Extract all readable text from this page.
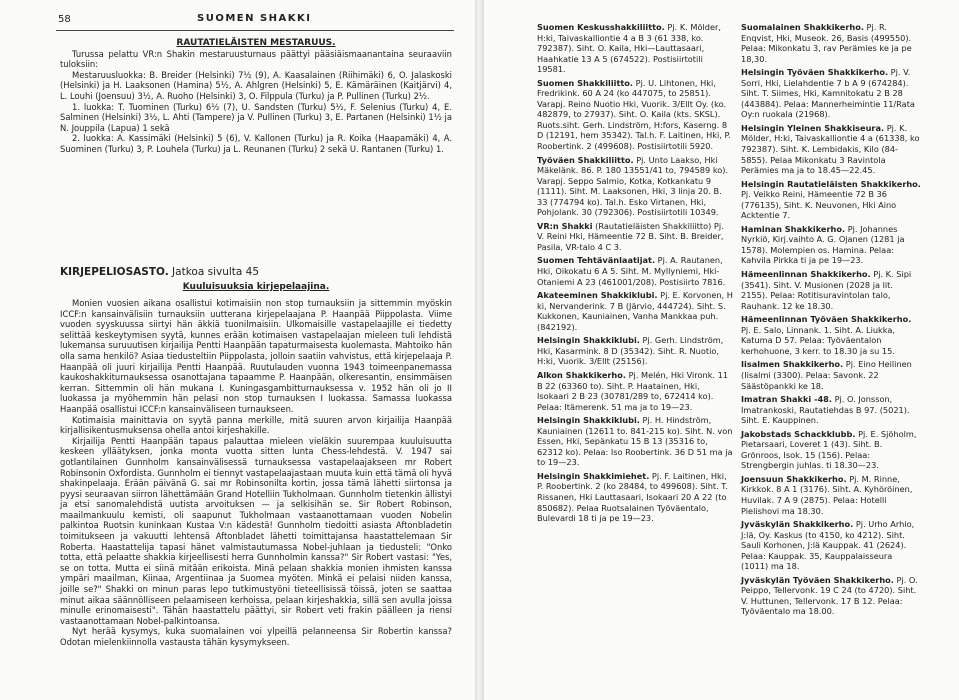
58	SUOMEN SHAKKI
RAUTATIELÄISTEN MESTARUUS.

Turussa pelattu VR:n Shakin mestaruusturnaus päättyi pääsiäismaanantaina seuraaviin tuloksiin:

Mestaruusluokka: B. Breider (Helsinki) 7½ (9), A. Kaasalainen (Riihimäki) 6, O. Jalaskoski (Helsinki) ja H. Laaksonen (Hamina) 5½, A. Ahlgren (Helsinki) 5, E. Kämäräinen (Kaitjärvi) 4, L. Louhi (Joensuu) 3½, A. Ruoho (Helsinki) 3, O. Filppula (Turku) ja P. Pullinen (Turku) 2½.

1. luokka: T. Tuominen (Turku) 6½ (7), U. Sandsten (Turku) 5½, F. Selenius (Turku) 4, E. Salminen (Helsinki) 3½, L. Ahti (Tampere) ja V. Pullinen (Turku) 3, E. Partanen (Helsinki) 1½ ja N. Jouppila (Lapua) 1 sekä

2. luokka: A. Kassimäki (Helsinki) 5 (6), V. Kallonen (Turku) ja R. Koika (Haapamäki) 4, A. Suominen (Turku) 3, P. Louhela (Turku) ja L. Reunanen (Turku) 2 sekä U. Rantanen (Turku) 1.

KIRJEPELIOSASTO. Jatkoa sivulta 45
Kuuluisuuksia kirjepelaajina.

Monien vuosien aikana osallistui kotimaisiin non stop turnauksiin ja sittemmin myöskin ICCF:n kansainvälisiin turnauksiin uutterana kirjepelaajana P. Haanpää Piippolasta. Viime vuoden syyskuussa siirtyi hän äkkiä tuonilmaisiin. Ulkomaisille vastapelaajille ei tiedetty selittää keskeytymisen syytä, kunnes erään kotimaisen vastapelaajan mieleen tuli lehdistä lukemansa suruuutisen kirjailija Pentti Haanpään tapaturmaisesta kuolemasta. Mahtoiko hän olla sama henkilö? Asiaa tiedusteltiin Piippolasta, jolloin saatiin vahvistus, että kirjepelaaja P. Haanpää oli juuri kirjailija Pentti Haanpää. Ruutulauden vuonna 1943 toimeenpanemassa kaukoshakkiturnauksessa osanottajana tapaamme P. Haanpään, olkeresantin, ensimmäisen kerran. Sittemmin oli hän mukana I. Kuningasgambitturnauksessa v. 1952 hän oli jo II luokassa ja myöhemmin hän pelasi non stop turnauksen I luokassa. Samassa luokassa Haanpää osallistui ICCF:n kansainväliseen turnaukseen.

Kotimaisia mainittavia on syytä panna merkille, mitä suuren arvon kirjailija Haanpää kirjallisikentusmuksensa ohella antoi kirjeshakille.

Kirjailija Pentti Haanpään tapaus palauttaa mieleen vieläkin suurempaa kuuluisuutta keskeen ylläätyksen, jonka monta vuotta sitten lunta Chess-lehdestä. V. 1947 sai gotlantilainen Gunnholm kansainvälisessä turnauksessa vastapelaajakseen mr Robert Robinsonin Oxfordista. Gunnholm ei tiennyt vastapelaajastaan muuta kuin että tämä oli hyvä shakinpelaaja. Erään päivänä G. sai mr Robinsonilta kortin, jossa tämä lähetti siirtonsa ja pyysi seuraavan siirron lähettämään Grand Hotelliin Tukholmaan. Gunnholm tietenkin ällistyi ja etsi sanomalehdistä uutista arvoituksen — ja selkisihän se. Sir Robert Robinson, maailmankuulu kemisti, oli saapunut Tukholmaan vastaanottamaan vuoden Nobelin palkintoa Ruotsin kuninkaan Kustaa V:n kädestä! Gunnholm tiedoitti asiasta Aftonbladetin toimitukseen ja vakuutti lehtensä Aftonbladet lähetti toimittajansa haastattelemaan Sir Roberta. Haastattelija tapasi hänet valmistautumassa Nobel-juhlaan ja tiedusteli: "Onko totta, että pelaatte shakkia kirjeellisesti herra Gunnholmin kanssa?" Sir Robert vastasi: "Yes, se on totta. Mutta ei siinä mitään erikoista. Minä pelaan shakkia monien ihmisten kanssa ympäri maailman, Kiinaa, Argentiinaa ja Suomea myöten. Minkä ei pelaisi niiden kanssa, joille se?" Shakki on minun paras lepo tutkimustyöni tieteellisissä töissä, joten se saattaa minut aikaa säännölliseen pelaamiseen kerhoissa, pelaan kirjeshakkia, sillä sen avulla joissa minulle erinomaisesti". Tähän haastattelu päättyi, sir Robert veti frakin päälleen ja riensi vastaanottamaan Nobel-palkintoansa.

Nyt herää kysymys, kuka suomalainen voi ylpeillä pelanneensa Sir Robertin kanssa? Odotan mielenkiinnolla vastausta tähän kysymykseen.

Suomen Keskusshakkiliitto. Pj. K. Mölder, H:ki, Taivaskalliontie 4 a B 3 (61 338, ko. 792387). Siht. O. Kaila, Hki—Lauttasaari, Haahkatie 13 A 5 (674522). Postisiirtotili 19581.

Suomen Shakkiliitto. Pj. U. Lihtonen, Hki, Fredrikink. 60 A 24 (ko 447075, to 25851). Varapj. Reino Nuotio Hki, Vuorik. 3/Ellt Oy. (ko. 482879, to 27937). Siht. O. Kaila (kts. SKSL). Ruots.siht. Gerh. Lindström, H:fors, Kaserng. 8 D (12191, hem 35342). Tal.h. F. Laitinen, Hki, P. Roobertink. 2 (499608). Postisiirtotili 5920.

Työväen Shakkiliitto. Pj. Unto Laakso, Hki Mäkelänk. 86. P. 180 13551/41 to, 794589 ko). Varapj. Seppo Salmio, Kotka, Kotkankatu 9 (1111). Siht. M. Laaksonen, Hki, 3 linja 20. B. 33 (774794 ko). Tal.h. Esko Virtanen, Hki, Pohjolank. 30 (792306). Postisiirtotili 10349.

VR:n Shakki (Rautatieläisten Shakkiliitto) Pj. V. Reini Hki, Hämeentie 72 B. Siht. B. Breider, Pasila, VR-talo 4 C 3.

Suomen Tehtävänlaatijat. Pj. A. Rautanen, Hki, Oikokatu 6 A 5. Siht. M. Myllyniemi, Hki-Otaniemi A 23 (461001/208). Postisiirto 7816.

Akateeminen Shakkiklubi. Pj. E. Korvonen, H ki, Nervanderink. 7 B (Järvio, 444724). Siht. S. Kukkonen, Kauniainen, Vanha Mankkaa puh. (842192).

Helsingin Shakkiklubi. Pj. Gerh. Lindström, Hki, Kasarmink. 8 D (35342). Siht. R. Nuotio, H:ki, Vuorik. 3/Ellt (25156).

Alkon Shakkikerho. Pj. Melén, Hki Vironk. 11 B 22 (63360 to). Siht. P. Haatainen, Hki, Isokaari 2 B 23 (30781/289 to, 672414 ko). Pelaa: Itämerenk. 51 ma ja to 19—23.

Helsingin Shakkiklubi. Pj. H. Hindström, Kauniainen (12611 to. 841-215 ko). Siht. N. von Essen, Hki, Sepänkatu 15 B 13 (35316 to, 62312 ko). Pelaa: Iso Roobertink. 36 D 51 ma ja to 19—23.

Helsingin Shakkimiehet. Pj. F. Laitinen, Hki, P. Roobertink. 2 (ko 28484, to 499608). Siht. T. Rissanen, Hki Lauttasaari, Isokaari 20 A 22 (to 850682). Pelaa Ruotsalainen Työväentalo, Bulevardi 18 ti ja pe 19—23.

Suomalainen Shakkikerho. Pj. R. Enqvist, Hki, Museok. 26, Basis (499550). Pelaa: Mikonkatu 3, rav Perämies ke ja pe 18,30.

Helsingin Työväen Shakkikerho. Pj. V. Sorri, Hki, Lielahdentie 7 b A 9 (674284). Siht. T. Siimes, Hki, Kamnitokatu 2 B 28 (443884). Pelaa: Mannerheimintie 11/Rata Oy:n ruokala (21968).

Helsingin Yleinen Shakkiseura. Pj. K. Mölder, H:ki, Taivaskalliontie 4 a (61338, ko 792387). Siht. K. Lembidakis, Kilo (84-5855). Pelaa Mikonkatu 3 Ravintola Perämies ma ja to 18.45—22.45.

Helsingin Rautatieläisten Shakkikerho. Pj. Veikko Reini, Hämeentie 72 B 36 (776135), Siht. K. Neuvonen, Hki Aino Acktentie 7.

Haminan Shakkikerho. Pj. Johannes Nyrkiö, Kirj.vaihto A. G. Ojanen (1281 ja 1578). Molempien os. Hamina. Pelaa: Kahvila Pirkka ti ja pe 19—23.

Hämeenlinnan Shakkikerho. Pj. K. Sipi (3541). Siht. V. Musionen (2028 ja lit. 2155). Pelaa: Rotitisuravintolan talo, Rauhank. 12 ke 18.30.

Hämeenlinnan Työväen Shakkikerho. Pj. E. Salo, Linnank. 1. Siht. A. Liukka, Katuma D 57. Pelaa: Työväentalon kerhohuone, 3 kerr. to 18.30 ja su 15.

Iisalmen Shakkikerho. Pj. Eino Heilinen (Iisalmi (3300). Pelaa: Savonk. 22 Säästöpankki ke 18.

Imatran Shakki -48. Pj. O. Jonsson, Imatrankoski, Rautatiehdas B 97. (5021). Siht. E. Kauppinen.

Jakobstads Schackklubb. Pj. E. Sjöholm, Pietarsaari, Loveret 1 (43). Siht. B. Grönroos, Isok. 15 (156). Pelaa: Strengbergin juhlas. ti 18.30—23.

Joensuun Shakkikerho. Pj. M. Rinne, Kirkkok. 8 A 1 (3176). Siht. A. Kyhöröinen, Huvilak. 7 A 9 (2875). Pelaa: Hotelli Pielishovi ma 18.30.

Jyväskylän Shakkikerho. Pj. Urho Arhio, J:lä, Oy. Kaskus (to 4150, ko 4212). Siht. Sauli Korhonen, J:lä Kauppak. 41 (2624). Pelaa: Kauppak. 35, Kauppalaisseura (1011) ma 18.

Jyväskylän Työväen Shakkikerho. Pj. O. Peippo, Tellervonk. 19 C 24 (to 4720). Siht. V. Huttunen, Tellervonk. 17 B 12. Pelaa: Työväentalo ma 18.00.
